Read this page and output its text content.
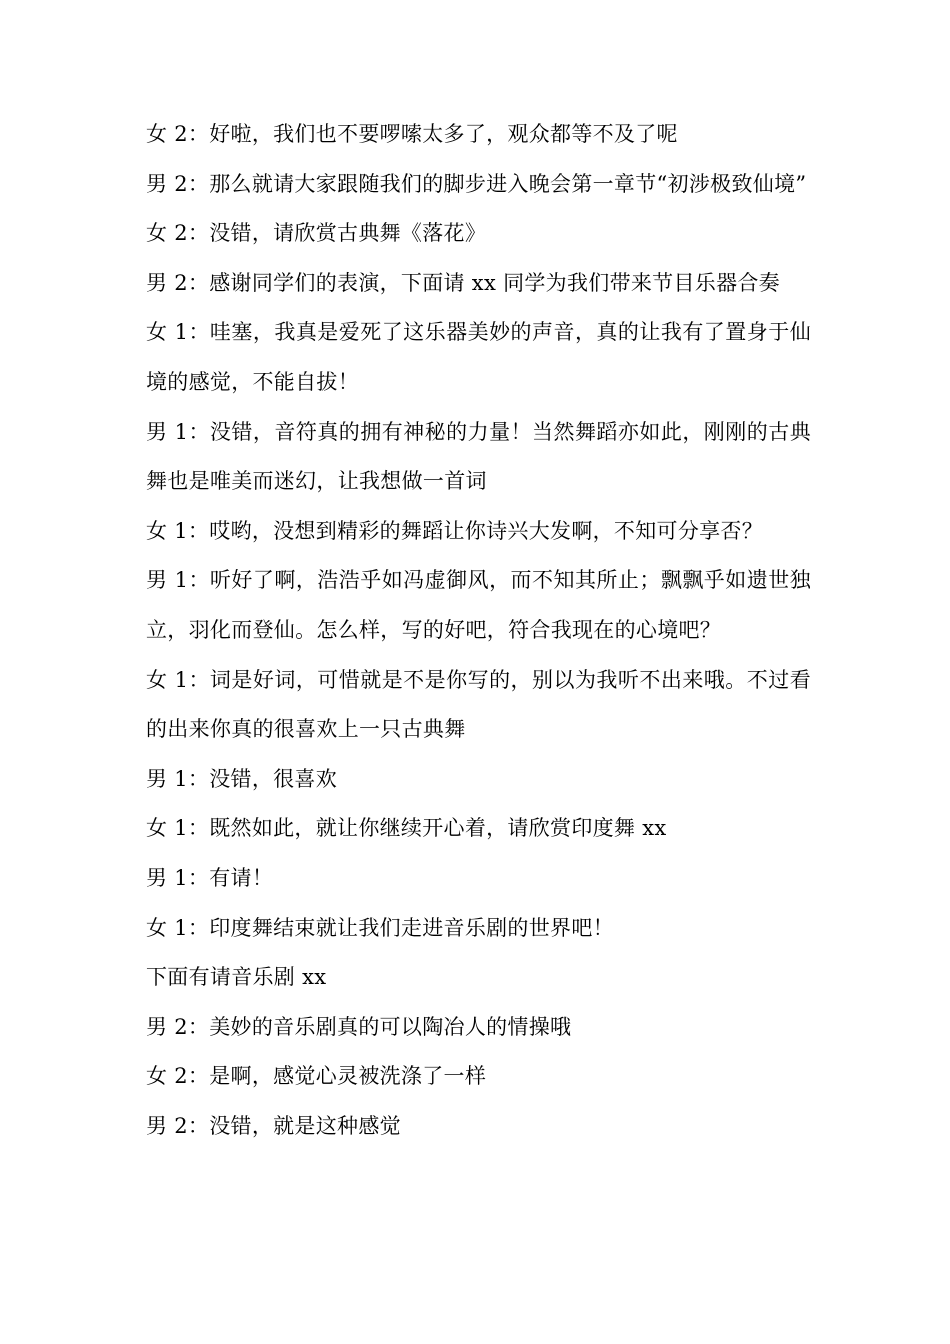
女 2：好啦，我们也不要啰嗦太多了，观众都等不及了呢

男 2：那么就请大家跟随我们的脚步进入晚会第一章节“初涉极致仙境”

女 2：没错，请欣赏古典舞《落花》

男 2：感谢同学们的表演，下面请 xx 同学为我们带来节目乐器合奏

女 1：哇塞，我真是爱死了这乐器美妙的声音，真的让我有了置身于仙境的感觉，不能自拔！

男 1：没错，音符真的拥有神秘的力量！当然舞蹈亦如此，刚刚的古典舞也是唯美而迷幻，让我想做一首词

女 1：哎哟，没想到精彩的舞蹈让你诗兴大发啊，不知可分享否？

男 1：听好了啊，浩浩乎如冯虚御风，而不知其所止；飘飘乎如遗世独立，羽化而登仙。怎么样，写的好吧，符合我现在的心境吧？

女 1：词是好词，可惜就是不是你写的，别以为我听不出来哦。不过看的出来你真的很喜欢上一只古典舞

男 1：没错，很喜欢

女 1：既然如此，就让你继续开心着，请欣赏印度舞 xx

男 1：有请！

女 1：印度舞结束就让我们走进音乐剧的世界吧！

下面有请音乐剧 xx

男 2：美妙的音乐剧真的可以陶冶人的情操哦

女 2：是啊，感觉心灵被洗涤了一样

男 2：没错，就是这种感觉
